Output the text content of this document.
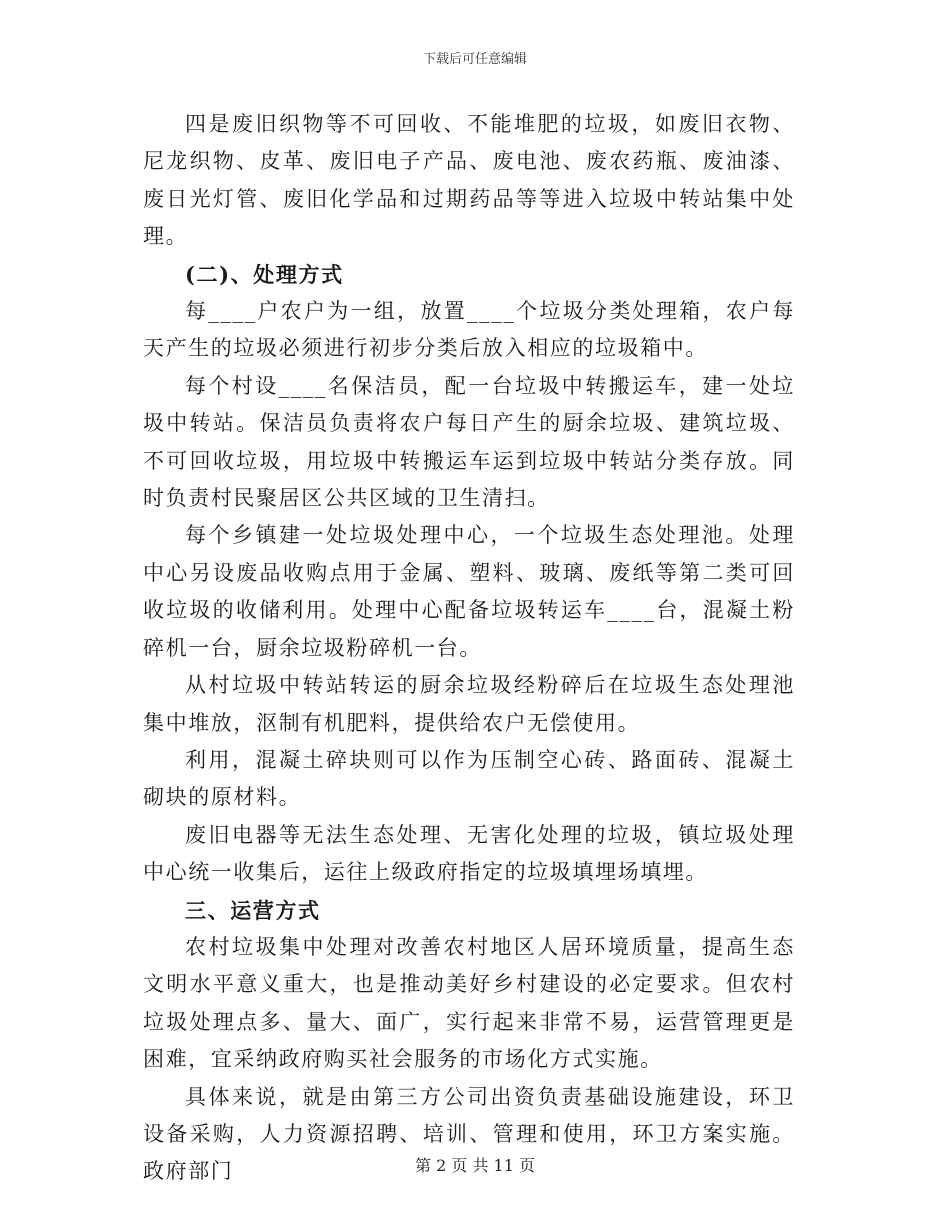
下载后可任意编辑

四是废旧织物等不可回收、不能堆肥的垃圾，如废旧衣物、尼龙织物、皮革、废旧电子产品、废电池、废农药瓶、废油漆、废日光灯管、废旧化学品和过期药品等等进入垃圾中转站集中处理。

(二)、处理方式

每____户农户为一组，放置____个垃圾分类处理箱，农户每天产生的垃圾必须进行初步分类后放入相应的垃圾箱中。

每个村设____名保洁员，配一台垃圾中转搬运车，建一处垃圾中转站。保洁员负责将农户每日产生的厨余垃圾、建筑垃圾、不可回收垃圾，用垃圾中转搬运车运到垃圾中转站分类存放。同时负责村民聚居区公共区域的卫生清扫。

每个乡镇建一处垃圾处理中心，一个垃圾生态处理池。处理中心另设废品收购点用于金属、塑料、玻璃、废纸等第二类可回收垃圾的收储利用。处理中心配备垃圾转运车____台，混凝土粉碎机一台，厨余垃圾粉碎机一台。

从村垃圾中转站转运的厨余垃圾经粉碎后在垃圾生态处理池集中堆放，沤制有机肥料，提供给农户无偿使用。

利用，混凝土碎块则可以作为压制空心砖、路面砖、混凝土砌块的原材料。

废旧电器等无法生态处理、无害化处理的垃圾，镇垃圾处理中心统一收集后，运往上级政府指定的垃圾填埋场填埋。

三、运营方式

农村垃圾集中处理对改善农村地区人居环境质量，提高生态文明水平意义重大，也是推动美好乡村建设的必定要求。但农村垃圾处理点多、量大、面广，实行起来非常不易，运营管理更是困难，宜采纳政府购买社会服务的市场化方式实施。

具体来说，就是由第三方公司出资负责基础设施建设，环卫设备采购，人力资源招聘、培训、管理和使用，环卫方案实施。政府部门	第 2 页 共 11 页
